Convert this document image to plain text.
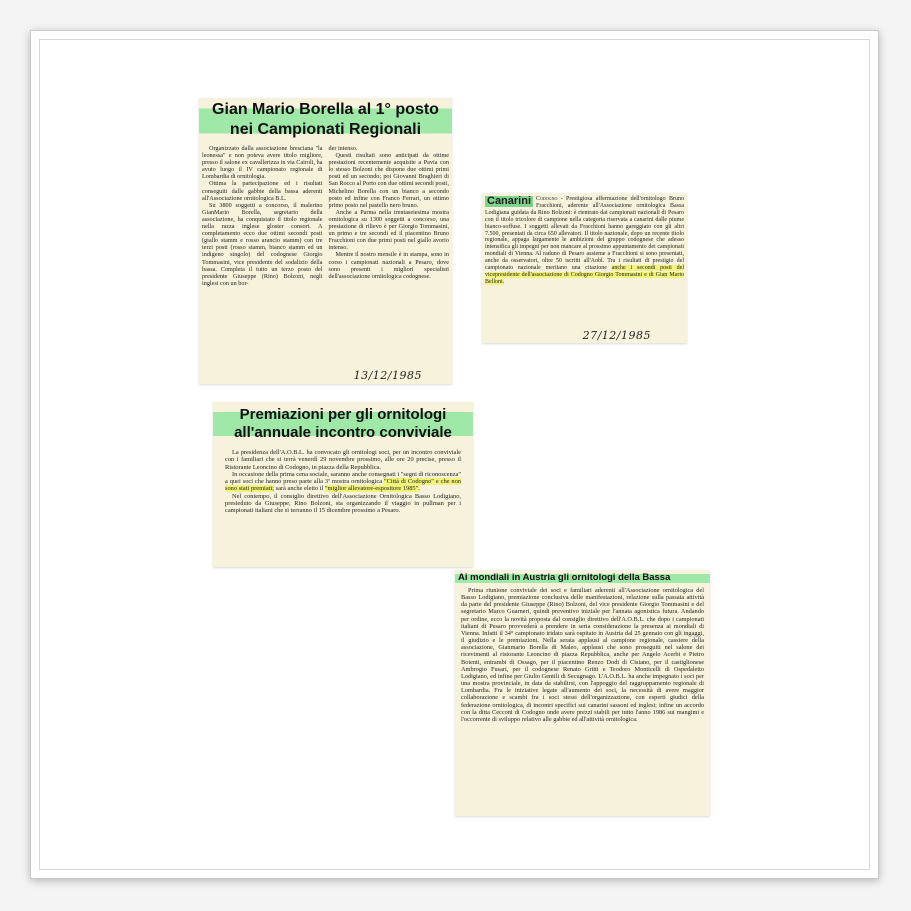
Gian Mario Borella al 1° posto
nei Campionati Regionali

Organizzato dalla associazione bresciana "la leonessa" e non poteva avere titolo migliore, presso il salone ex cavallerizza in via Cairoli, ha avuto luogo il IV campionato regionale di Lombardia di ornitologia.

Ottima la partecipazione ed i risultati conseguiti dalle gabbie della bassa aderenti all'Associazione ornitologica B.L.

Su 3800 soggetti a concorso, il malerino GianMario Borella, segretario della associazione, ha conquistato il titolo regionale nella razza inglese gloster consort. A completamento ecco due ottimi secondi posti (giallo stamm e rosso arancio stamm) con tre terzi posti (rosso stamm, bianco stamm ed un indigeno singolo) del codognese Giorgio Tommasini, vice presidente del sodalizio della bassa. Completa il tutto un terzo posto del presidente Giuseppe (Rino) Bolzoni, negli inglesi con un bor-

der intenso.

Questi risultati sono anticipati da ottime prestazioni recentemente acquisite a Pavia con lo stesso Bolzoni che dispone due ottimi primi posti ed un secondo; poi Giovanni Braghieri di San Rocco al Porto con due ottimi secondi posti, Michelino Borella con un bianco a secondo posto ed infine con Franco Ferrari, un ottimo primo posto nel pastello nero bruno.

Anche a Parma nella trentaseiesima mostra ornitologica su 1300 soggetti a concorso, una prestazione di rilievo è per Giorgio Tommasini, un primo e tre secondi ed il piacentino Bruno Fracchioni con due primi posti nel giallo avorio intenso.

Mentre il nostro mensile è in stampa, sono in corso i campionati nazionali a Pesaro, dove sono presenti i migliori specialisti dell'associazione ornitologica codognese.

13/12/1985
Canarini Codogno - Prestigiosa affermazione dell'ornitologo Bruno Fracchioni, aderente all'Associazione ornitologica Bassa Lodigiana guidata da Rino Bolzoni: è rientrato dai campionati nazionali di Pesaro con il titolo tricolore di campione nella categoria riservata a canarini dalle piume bianco-soffuse. I soggetti allevati da Fracchioni hanno gareggiato con gli altri 7.500, presentati da circa 650 allevatori. Il titolo nazionale, dopo un recente titolo regionale, appaga largamente le ambizioni del gruppo codognese che adesso intensifica gli impegni per non mancare al prossimo appuntamento dei campionati mondiali di Vienna. Al raduno di Pesaro assieme a Fracchioni si sono presentati, anche da osservatori, oltre 50 iscritti all'Aobl. Tra i risultati di prestigio del campionato nazionale meritano una citazione anche i secondi posti del vicepresidente dell'associazione di Codogno Giorgio Tommasini e di Gian Mario Belloni.
27/12/1985
Premiazioni per gli ornitologi
all'annuale incontro conviviale

La presidenza dell'A.O.B.L. ha convocato gli ornitologi soci, per un incontro conviviale con i familiari che si terrà venerdì 29 novembre prossimo, alle ore 20 precise, presso il Ristorante Leoncino di Codogno, in piazza della Repubblica.

In occasione della prima cena sociale, saranno anche consegnati i "segni di riconoscenza" a quei soci che hanno preso parte alla 3ª mostra ornitologica "Città di Codogno" e che non sono stati premiati; sarà anche eletto il "miglior allevatore-espositore 1985".

Nel contempo, il consiglio direttivo dell'Associazione Ornitologica Basso Lodigiano, presieduto da Giuseppe, Rino Bolzoni, sta organizzando il viaggio in pullman per i campionati italiani che si terranno il 15 dicembre prossimo a Pesaro.

Ai mondiali in Austria gli ornitologi della Bassa

Prima riunione conviviale dei soci e familiari aderenti all'Associazione ornitologica del Basso Lodigiano, premiazione conclusiva delle manifestazioni, relazione sulla passata attività da parte del presidente Giuseppe (Rino) Bolzoni, del vice presidente Giorgio Tommasini e del segretario Marco Guarneri, quindi preventivo iniziale per l'annata agonistica futura. Andando per ordine, ecco la novità proposta dal consiglio direttivo dell'A.O.B.L. che dopo i campionati italiani di Pesaro provvederà a prendere in seria considerazione la presenza ai mondiali di Vienna. Infatti il 34° campionato iridato sarà ospitato in Austria dal 25 gennaio con gli ingaggi, il giudizio e le premiazioni. Nella serata applausi al campione regionale, cassiere della associazione, Gianmario Borella di Maleo, applausi che sono proseguiti nel salone dei ricevimenti al ristorante Leoncino di piazza Repubblica, anche per Angelo Acerbi e Pietro Boienti, entrambi di Ossago, per il piacentino Renzo Dodi di Cisiano, per il castiglionese Ambrogio Fusari, per il codognese Renato Gritti e Teodoro Monticelli di Ospedaletto Lodigiano, ed infine per Giulio Gentili di Secugnago. L'A.O.B.L. ha anche impegnato i soci per una mostra provinciale, in data da stabilirsi, con l'appoggio del raggruppamento regionale di Lombardia. Fra le iniziative legate all'aumento dei soci, la necessità di avere maggior collaborazione e scambi fra i soci stessi dell'organizzazione, con esperti giudici della federazione ornitologica, di incontri specifici sui canarini sassoni ed inglesi; infine un accordo con la ditta Cecconi di Codogno onde avere prezzi stabili per tutto l'anno 1986 sui mangimi e l'occorrente di sviluppo relativo alle gabbie ed all'attività ornitologica.
